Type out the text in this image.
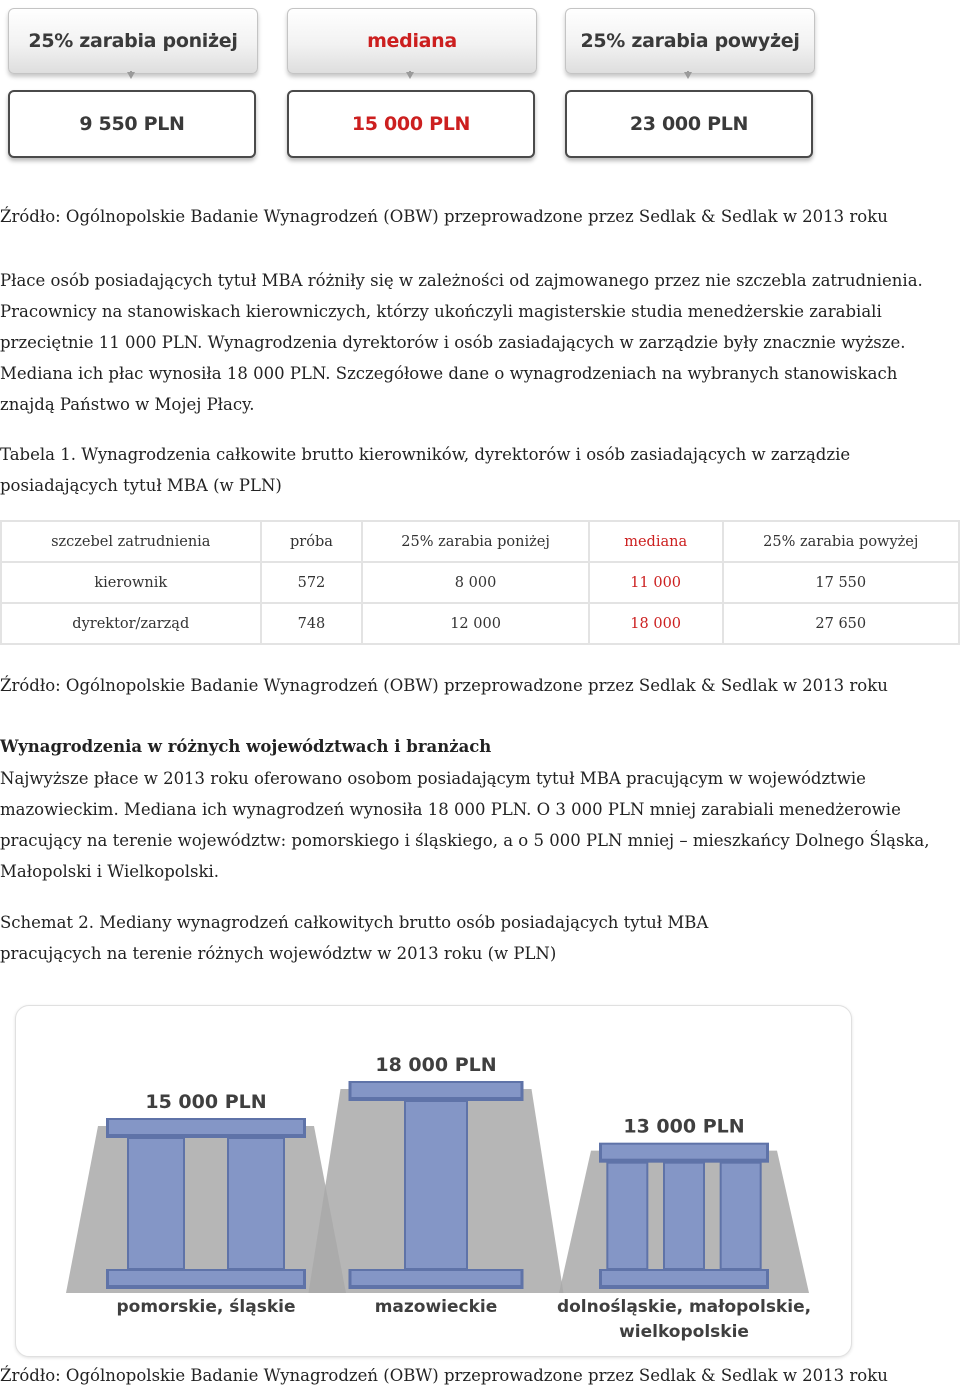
25% zarabia poniżej	mediana	25% zarabia powyżej
9 550 PLN	15 000 PLN	23 000 PLN
Źródło: Ogólnopolskie Badanie Wynagrodzeń (OBW) przeprowadzone przez Sedlak & Sedlak w 2013 roku

Płace osób posiadających tytuł MBA różniły się w zależności od zajmowanego przez nie szczebla zatrudnienia.

Pracownicy na stanowiskach kierowniczych, którzy ukończyli magisterskie studia menedżerskie zarabiali

przeciętnie 11 000 PLN. Wynagrodzenia dyrektorów i osób zasiadających w zarządzie były znacznie wyższe.

Mediana ich płac wynosiła 18 000 PLN. Szczegółowe dane o wynagrodzeniach na wybranych stanowiskach

znajdą Państwo w Mojej Płacy.

Tabela 1. Wynagrodzenia całkowite brutto kierowników, dyrektorów i osób zasiadających w zarządzie

posiadających tytuł MBA (w PLN)

szczebel zatrudnienia	próba	25% zarabia poniżej	mediana	25% zarabia powyżej
kierownik	572	8 000	11 000	17 550
dyrektor/zarząd	748	12 000	18 000	27 650
Źródło: Ogólnopolskie Badanie Wynagrodzeń (OBW) przeprowadzone przez Sedlak & Sedlak w 2013 roku
Wynagrodzenia w różnych województwach i branżach

Najwyższe płace w 2013 roku oferowano osobom posiadającym tytuł MBA pracującym w województwie

mazowieckim. Mediana ich wynagrodzeń wynosiła 18 000 PLN. O 3 000 PLN mniej zarabiali menedżerowie

pracujący na terenie województw: pomorskiego i śląskiego, a o 5 000 PLN mniej – mieszkańcy Dolnego Śląska,

Małopolski i Wielkopolski.

Schemat 2. Mediany wynagrodzeń całkowitych brutto osób posiadających tytuł MBA

pracujących na terenie różnych województw w 2013 roku (w PLN)

15 000 PLN
pomorskie, śląskie
18 000 PLN
mazowieckie
13 000 PLN
dolnośląskie, małopolskie,
wielkopolskie
Źródło: Ogólnopolskie Badanie Wynagrodzeń (OBW) przeprowadzone przez Sedlak & Sedlak w 2013 roku
